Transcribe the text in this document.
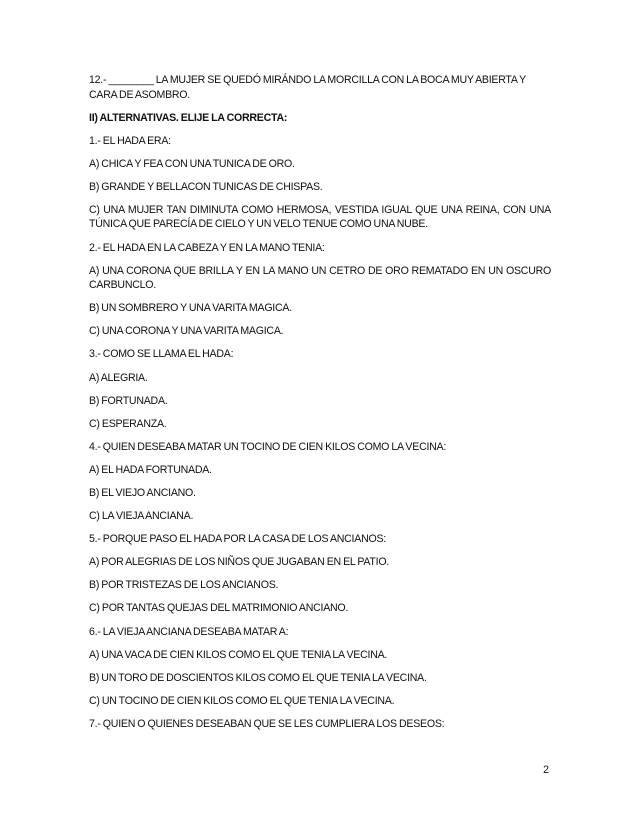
12.- ________ LA MUJER SE QUEDÓ MIRÁNDO LA MORCILLA CON LA BOCA MUY ABIERTA Y CARA DE ASOMBRO.

II) ALTERNATIVAS. ELIJE LA CORRECTA:

1.- EL HADA ERA:

A) CHICA Y FEA CON UNA TUNICA DE ORO.

B) GRANDE Y BELLACON TUNICAS DE CHISPAS.

C) UNA MUJER TAN DIMINUTA COMO HERMOSA, VESTIDA IGUAL QUE UNA REINA, CON UNA TÚNICA QUE PARECÍA DE CIELO Y UN VELO TENUE COMO UNA NUBE.

2.- EL HADA EN LA CABEZA Y EN LA MANO TENIA:

A) UNA CORONA QUE BRILLA Y EN LA MANO UN CETRO DE ORO REMATADO EN UN OSCURO CARBUNCLO.

B) UN SOMBRERO Y UNA VARITA MAGICA.

C) UNA CORONA Y UNA VARITA MAGICA.

3.- COMO SE LLAMA EL HADA:

A) ALEGRIA.

B) FORTUNADA.

C) ESPERANZA.

4.- QUIEN DESEABA MATAR UN TOCINO DE CIEN KILOS COMO LA VECINA:

A) EL HADA FORTUNADA.

B) EL VIEJO ANCIANO.

C) LA VIEJA ANCIANA.

5.- PORQUE PASO EL HADA POR LA CASA DE LOS ANCIANOS:

A) POR ALEGRIAS DE LOS NIÑOS QUE JUGABAN EN EL PATIO.

B) POR TRISTEZAS DE LOS ANCIANOS.

C) POR TANTAS QUEJAS DEL MATRIMONIO ANCIANO.

6.- LA VIEJA ANCIANA DESEABA MATAR A:

A) UNA VACA DE CIEN KILOS COMO EL QUE TENIA LA VECINA.

B) UN TORO DE DOSCIENTOS KILOS COMO EL QUE TENIA LA VECINA.

C) UN TOCINO DE CIEN KILOS COMO EL QUE TENIA LA VECINA.

7.- QUIEN O QUIENES DESEABAN QUE SE LES CUMPLIERA LOS DESEOS:

2
